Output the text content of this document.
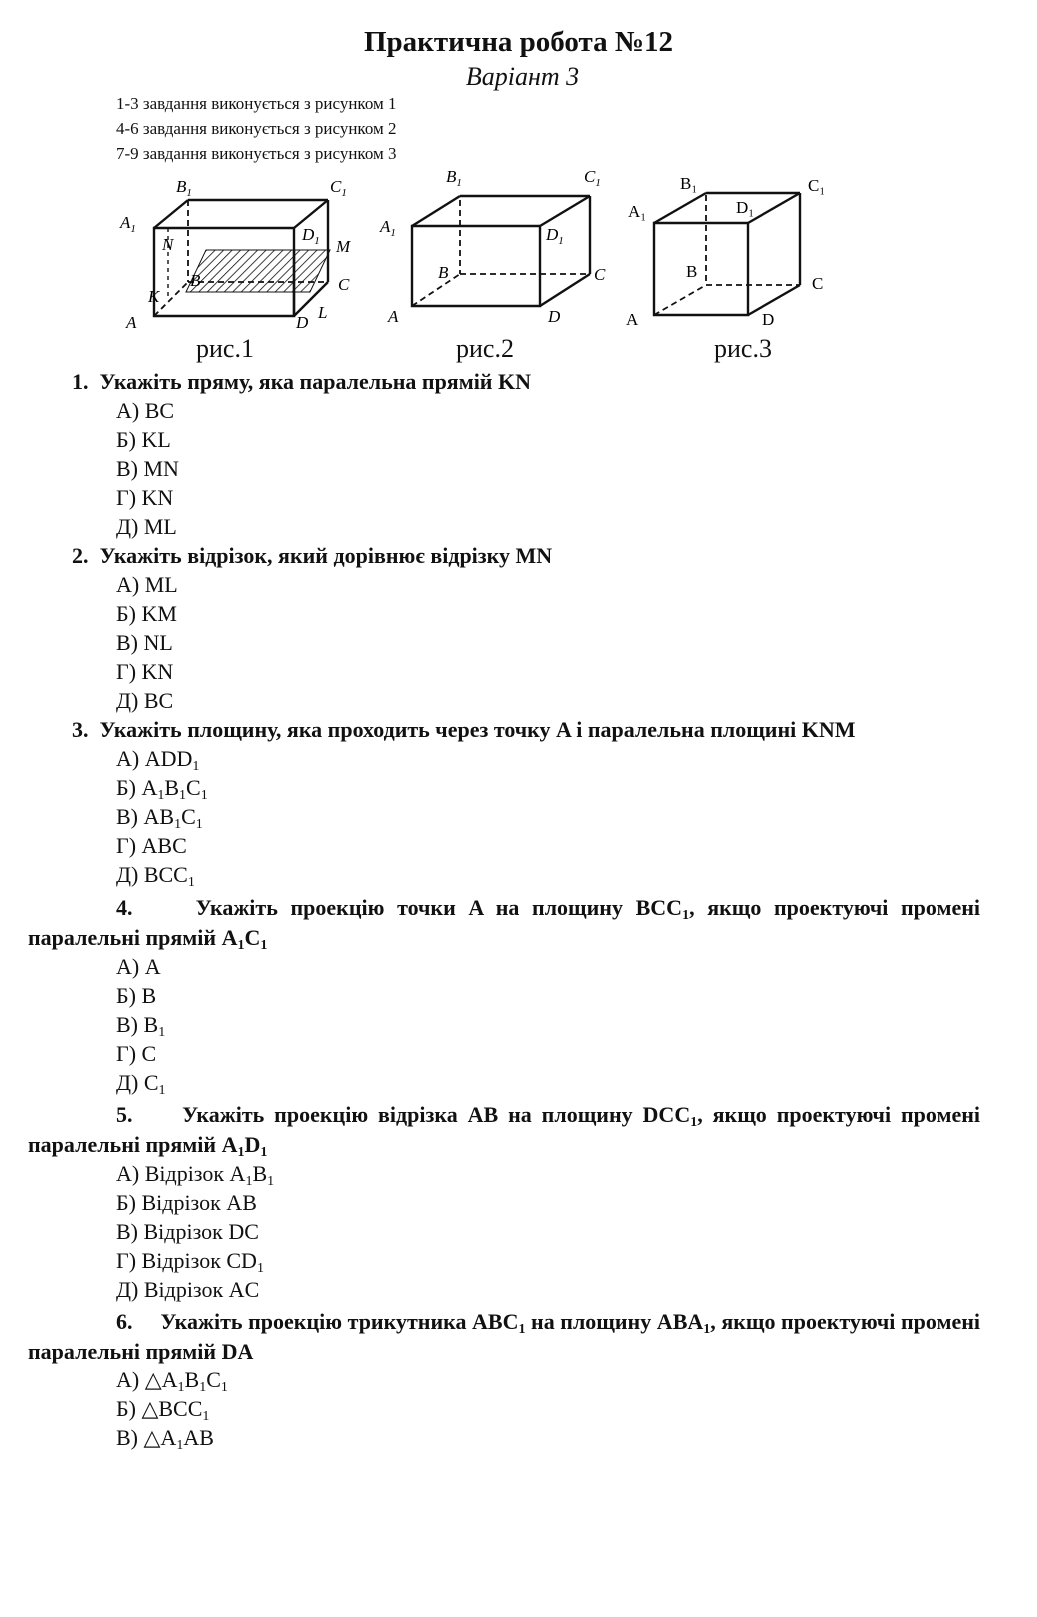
Практична робота №12
Варіант 3
1-3 завдання виконується з рисунком 1
4-6 завдання виконується з рисунком 2
7-9 завдання виконується з рисунком 3
$B_1$	$C_1$
$A_1$	$D_1$
N	M
B	C
K
A	D
L
рис.1
$B_1$	$C_1$
$A_1$	$D_1$
B	C
A	D
рис.2
B₁	C₁
A₁	D₁
B
C
A	D
рис.3
1. Укажіть пряму, яка паралельна прямій KN
А) BC
Б) KL
В) MN
Г) KN
Д) ML
2. Укажіть відрізок, який дорівнює відрізку MN
А) ML
Б) KM
В) NL
Г) KN
Д) BC
3. Укажіть площину, яка проходить через точку A і паралельна площині KNM
А) $ADD_1$
Б) $A_1B_1C_1$
В) $AB_1C_1$
Г) ABC
Д) $BCC_1$
4.	Укажіть проекцію точки A на площину $BCC_1$, якщо проектуючі промені паралельні прямій $A_1C_1$
А) A
Б) B
В) $B_1$
Г) C
Д) $C_1$
5. Укажіть проекцію відрізка AB на площину $DCC_1$, якщо проектуючі промені паралельні прямій $A_1D_1$
А) Відрізок $A_1B_1$
Б) Відрізок AB
В) Відрізок DC
Г) Відрізок $CD_1$
Д) Відрізок AC
6. Укажіть проекцію трикутника $ABC_1$ на площину $ABA_1$, якщо проектуючі промені паралельні прямій DA
А) $\triangle A_1B_1C_1$
Б) $\triangle BCC_1$
В) $\triangle A_1AB$
